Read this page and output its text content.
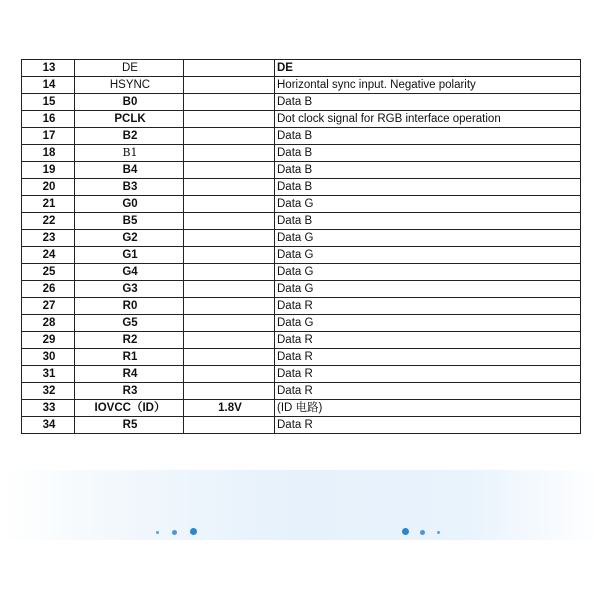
13	DE		DE
14	HSYNC		Horizontal sync input. Negative polarity
15	B0		Data B
16	PCLK		Dot clock signal for RGB interface operation
17	B2		Data B
18	B1		Data B
19	B4		Data B
20	B3		Data B
21	G0		Data G
22	B5		Data B
23	G2		Data G
24	G1		Data G
25	G4		Data G
26	G3		Data G
27	R0		Data R
28	G5		Data G
29	R2		Data R
30	R1		Data R
31	R4		Data R
32	R3		Data R
33	IOVCC（ID）	1.8V	(ID 电路)
34	R5		Data R
